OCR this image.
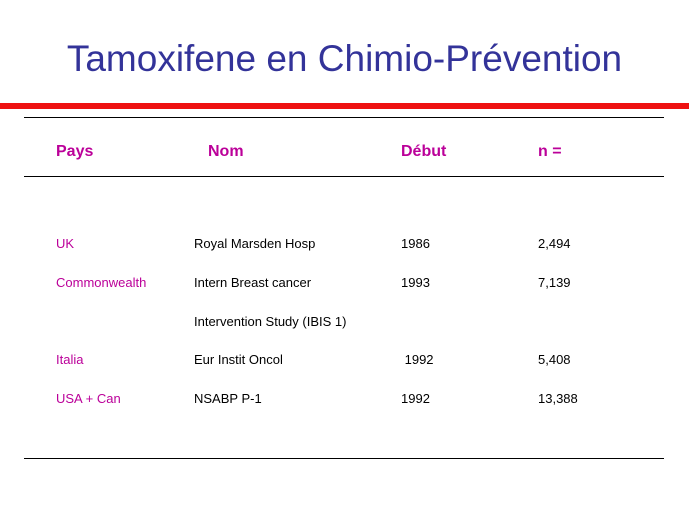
Tamoxifene en Chimio-Prévention
Pays	Nom	Début	n =
UK	Royal Marsden Hosp	1986	2,494
Commonwealth	Intern Breast cancer	1993	7,139
Intervention Study (IBIS 1)
Italia	Eur Instit Oncol	1992	5,408
USA + Can	NSABP P-1	1992	13,388
